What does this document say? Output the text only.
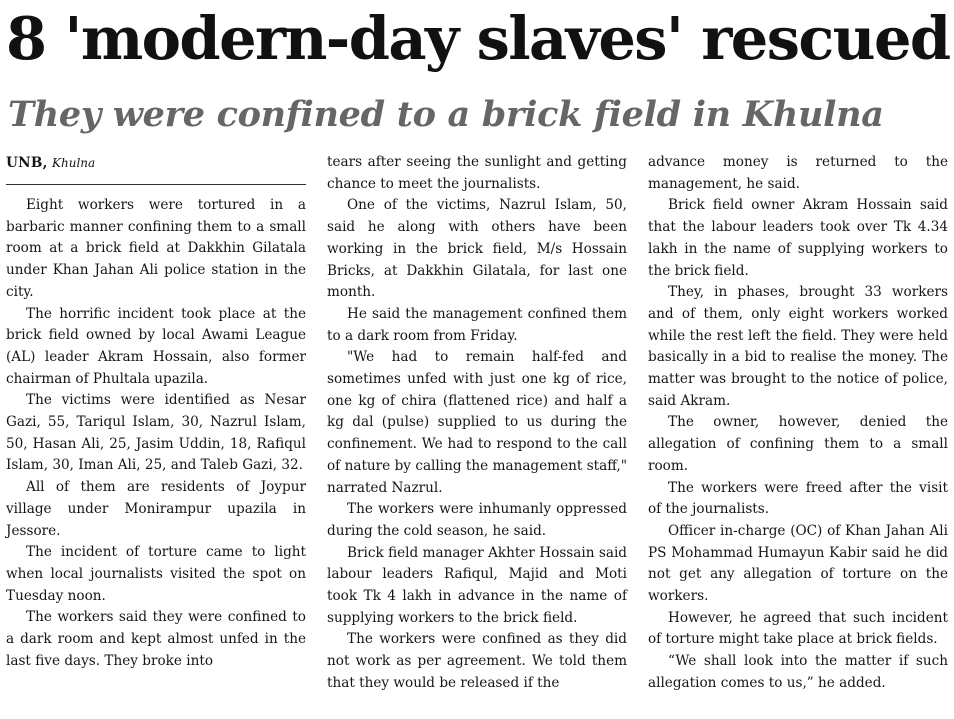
8 'modern-day slaves' rescued
They were confined to a brick field in Khulna
UNB, Khulna

Eight workers were tortured in a barbaric manner confining them to a small room at a brick field at Dakkhin Gilatala under Khan Jahan Ali police station in the city.

The horrific incident took place at the brick field owned by local Awami League (AL) leader Akram Hossain, also former chairman of Phultala upazila.

The victims were identified as Nesar Gazi, 55, Tariqul Islam, 30, Nazrul Islam, 50, Hasan Ali, 25, Jasim Uddin, 18, Rafiqul Islam, 30, Iman Ali, 25, and Taleb Gazi, 32.

All of them are residents of Joypur village under Monirampur upazila in Jessore.

The incident of torture came to light when local journalists visited the spot on Tuesday noon.

The workers said they were confined to a dark room and kept almost unfed in the last five days. They broke into

tears after seeing the sunlight and getting chance to meet the journalists.

One of the victims, Nazrul Islam, 50, said he along with others have been working in the brick field, M/s Hossain Bricks, at Dakkhin Gilatala, for last one month.

He said the management confined them to a dark room from Friday.

"We had to remain half-fed and sometimes unfed with just one kg of rice, one kg of chira (flattened rice) and half a kg dal (pulse) supplied to us during the confinement. We had to respond to the call of nature by calling the management staff," narrated Nazrul.

The workers were inhumanly oppressed during the cold season, he said.

Brick field manager Akhter Hossain said labour leaders Rafiqul, Majid and Moti took Tk 4 lakh in advance in the name of supplying workers to the brick field.

The workers were confined as they did not work as per agreement. We told them that they would be released if the

advance money is returned to the management, he said.

Brick field owner Akram Hossain said that the labour leaders took over Tk 4.34 lakh in the name of supplying workers to the brick field.

They, in phases, brought 33 workers and of them, only eight workers worked while the rest left the field. They were held basically in a bid to realise the money. The matter was brought to the notice of police, said Akram.

The owner, however, denied the allegation of confining them to a small room.

The workers were freed after the visit of the journalists.

Officer in-charge (OC) of Khan Jahan Ali PS Mohammad Humayun Kabir said he did not get any allegation of torture on the workers.

However, he agreed that such incident of torture might take place at brick fields.

“We shall look into the matter if such allegation comes to us,” he added.
